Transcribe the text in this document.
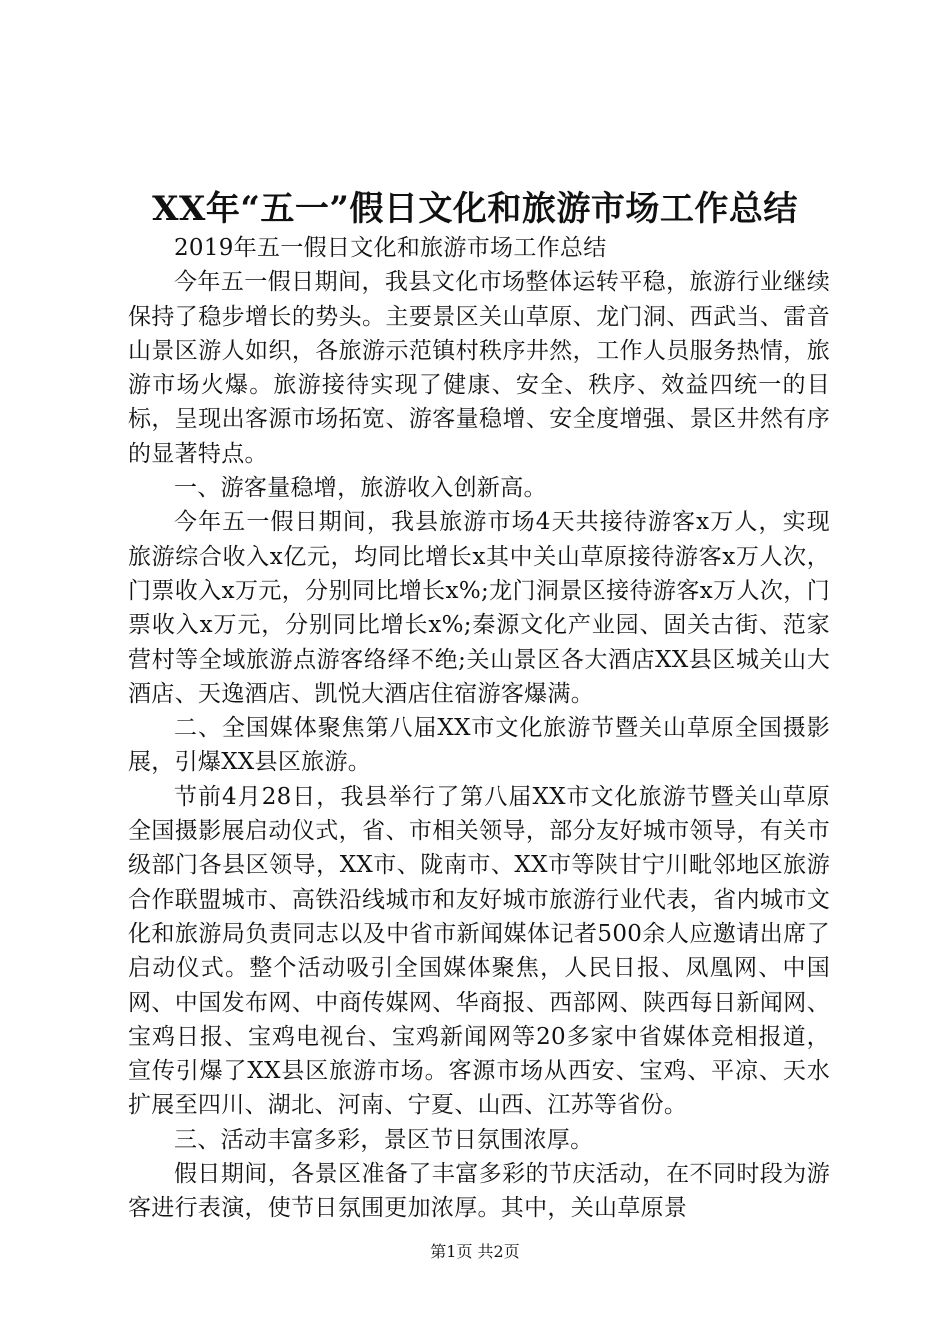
XX年“五一”假日文化和旅游市场工作总结

2019年五一假日文化和旅游市场工作总结

今年五一假日期间，我县文化市场整体运转平稳，旅游行业继续保持了稳步增长的势头。主要景区关山草原、龙门洞、西武当、雷音山景区游人如织，各旅游示范镇村秩序井然，工作人员服务热情，旅游市场火爆。旅游接待实现了健康、安全、秩序、效益四统一的目标，呈现出客源市场拓宽、游客量稳增、安全度增强、景区井然有序的显著特点。

一、游客量稳增，旅游收入创新高。

今年五一假日期间，我县旅游市场4天共接待游客x万人，实现旅游综合收入x亿元，均同比增长x其中关山草原接待游客x万人次，门票收入x万元，分别同比增长x%;龙门洞景区接待游客x万人次，门票收入x万元，分别同比增长x%;秦源文化产业园、固关古街、范家营村等全域旅游点游客络绎不绝;关山景区各大酒店XX县区城关山大酒店、天逸酒店、凯悦大酒店住宿游客爆满。

二、全国媒体聚焦第八届XX市文化旅游节暨关山草原全国摄影展，引爆XX县区旅游。

节前4月28日，我县举行了第八届XX市文化旅游节暨关山草原全国摄影展启动仪式，省、市相关领导，部分友好城市领导，有关市级部门各县区领导，XX市、陇南市、XX市等陕甘宁川毗邻地区旅游合作联盟城市、高铁沿线城市和友好城市旅游行业代表，省内城市文化和旅游局负责同志以及中省市新闻媒体记者500余人应邀请出席了启动仪式。整个活动吸引全国媒体聚焦，人民日报、凤凰网、中国网、中国发布网、中商传媒网、华商报、西部网、陕西每日新闻网、宝鸡日报、宝鸡电视台、宝鸡新闻网等20多家中省媒体竞相报道，宣传引爆了XX县区旅游市场。客源市场从西安、宝鸡、平凉、天水扩展至四川、湖北、河南、宁夏、山西、江苏等省份。

三、活动丰富多彩，景区节日氛围浓厚。

假日期间，各景区准备了丰富多彩的节庆活动，在不同时段为游客进行表演，使节日氛围更加浓厚。其中，关山草原景

第1页 共2页
